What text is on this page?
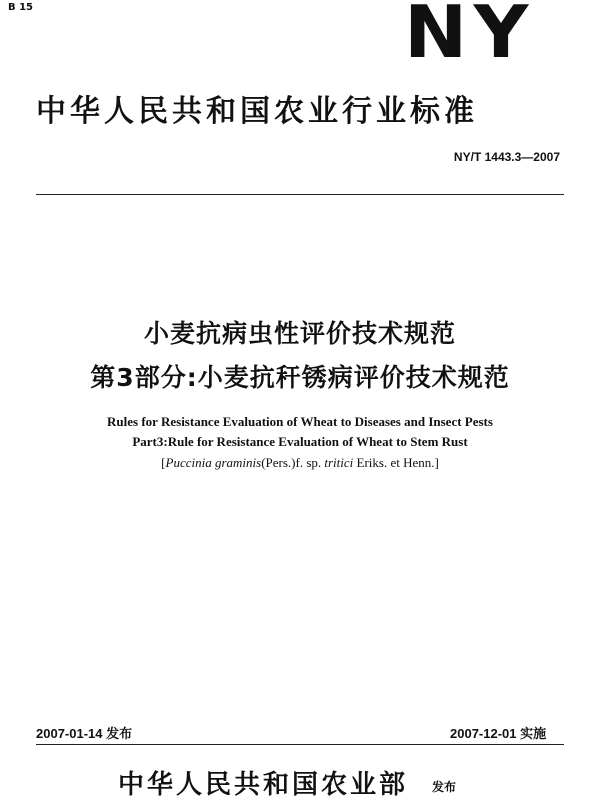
B 15	NY
中华人民共和国农业行业标准
NY/T 1443.3—2007
小麦抗病虫性评价技术规范
第3部分:小麦抗秆锈病评价技术规范
Rules for Resistance Evaluation of Wheat to Diseases and Insect Pests
Part3:Rule for Resistance Evaluation of Wheat to Stem Rust
[Puccinia graminis(Pers.)f. sp. tritici Eriks. et Henn.]
2007-01-14 发布	2007-12-01 实施
中华人民共和国农业部 发布
